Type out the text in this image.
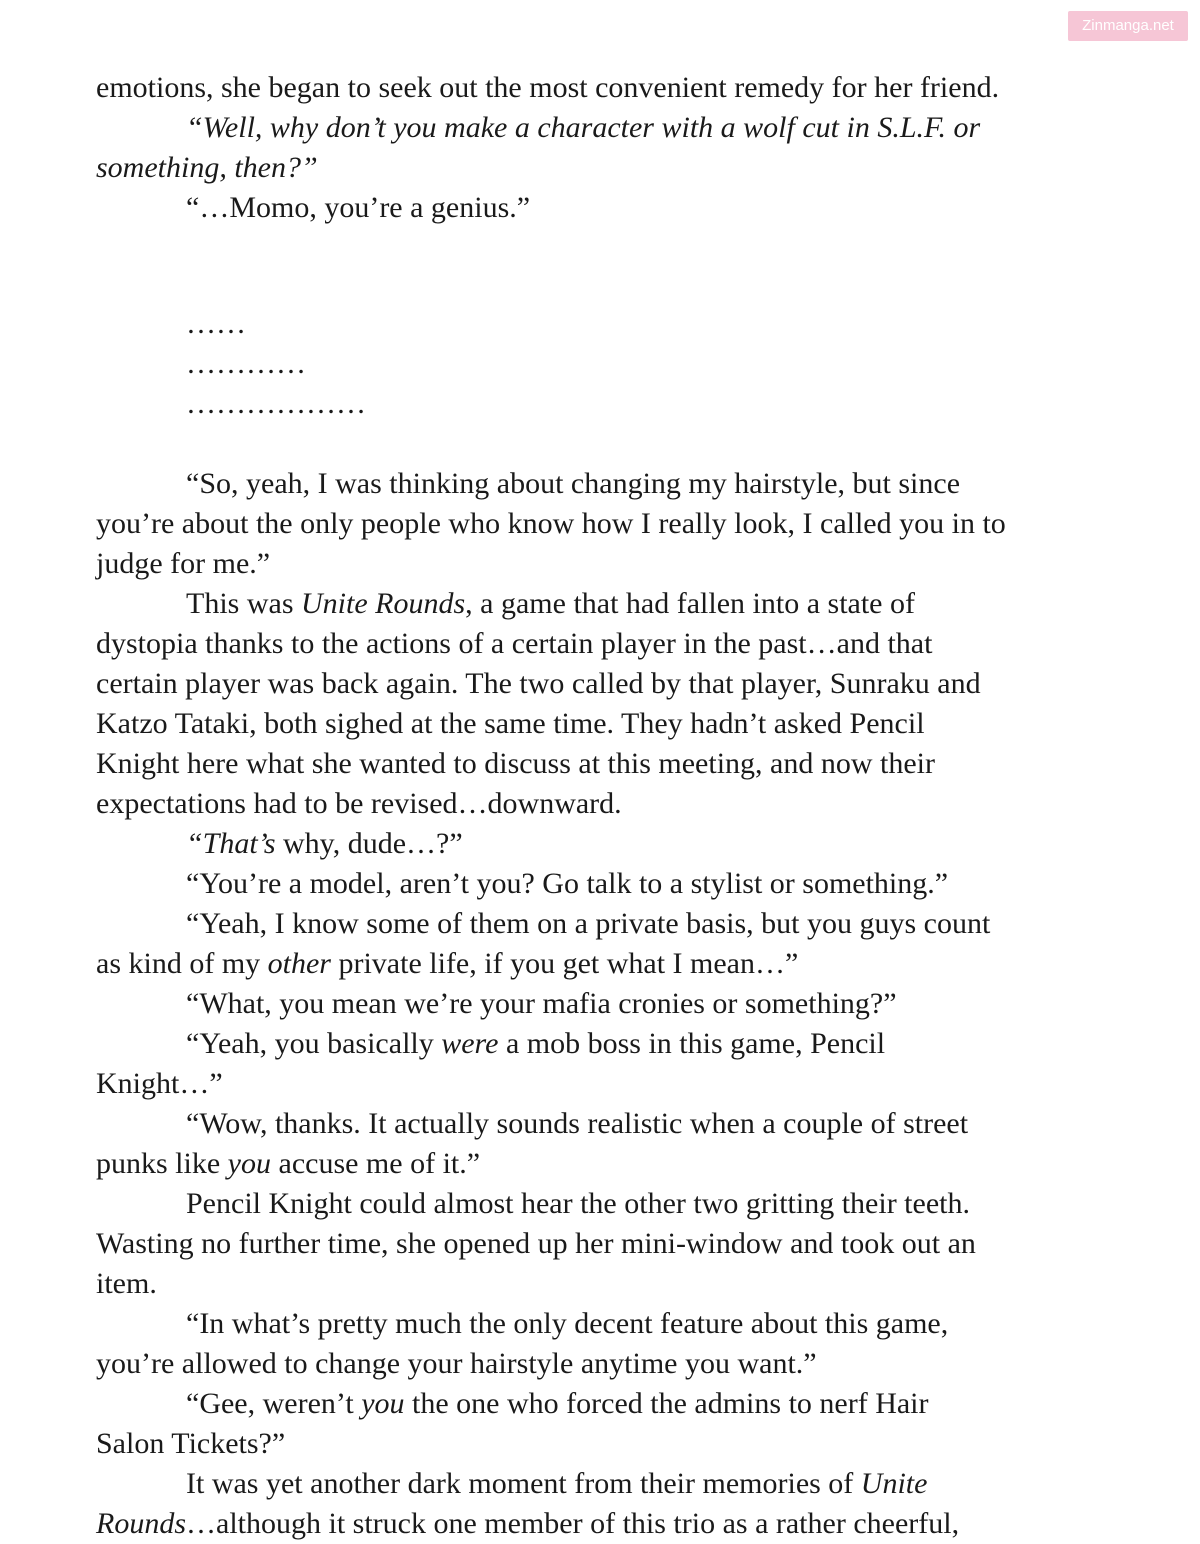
Zinmanga.net

emotions, she began to seek out the most convenient remedy for her friend.

“Well, why don’t you make a character with a wolf cut in S.L.F. or

something, then?”

“…Momo, you’re a genius.”

……

…………

………………

“So, yeah, I was thinking about changing my hairstyle, but since

you’re about the only people who know how I really look, I called you in to

judge for me.”

This was Unite Rounds, a game that had fallen into a state of

dystopia thanks to the actions of a certain player in the past…and that

certain player was back again. The two called by that player, Sunraku and

Katzo Tataki, both sighed at the same time. They hadn’t asked Pencil

Knight here what she wanted to discuss at this meeting, and now their

expectations had to be revised…downward.

“That’s why, dude…?”

“You’re a model, aren’t you? Go talk to a stylist or something.”

“Yeah, I know some of them on a private basis, but you guys count

as kind of my other private life, if you get what I mean…”

“What, you mean we’re your mafia cronies or something?”

“Yeah, you basically were a mob boss in this game, Pencil

Knight…”

“Wow, thanks. It actually sounds realistic when a couple of street

punks like you accuse me of it.”

Pencil Knight could almost hear the other two gritting their teeth.

Wasting no further time, she opened up her mini-window and took out an

item.

“In what’s pretty much the only decent feature about this game,

you’re allowed to change your hairstyle anytime you want.”

“Gee, weren’t you the one who forced the admins to nerf Hair

Salon Tickets?”

It was yet another dark moment from their memories of Unite

Rounds…although it struck one member of this trio as a rather cheerful,
